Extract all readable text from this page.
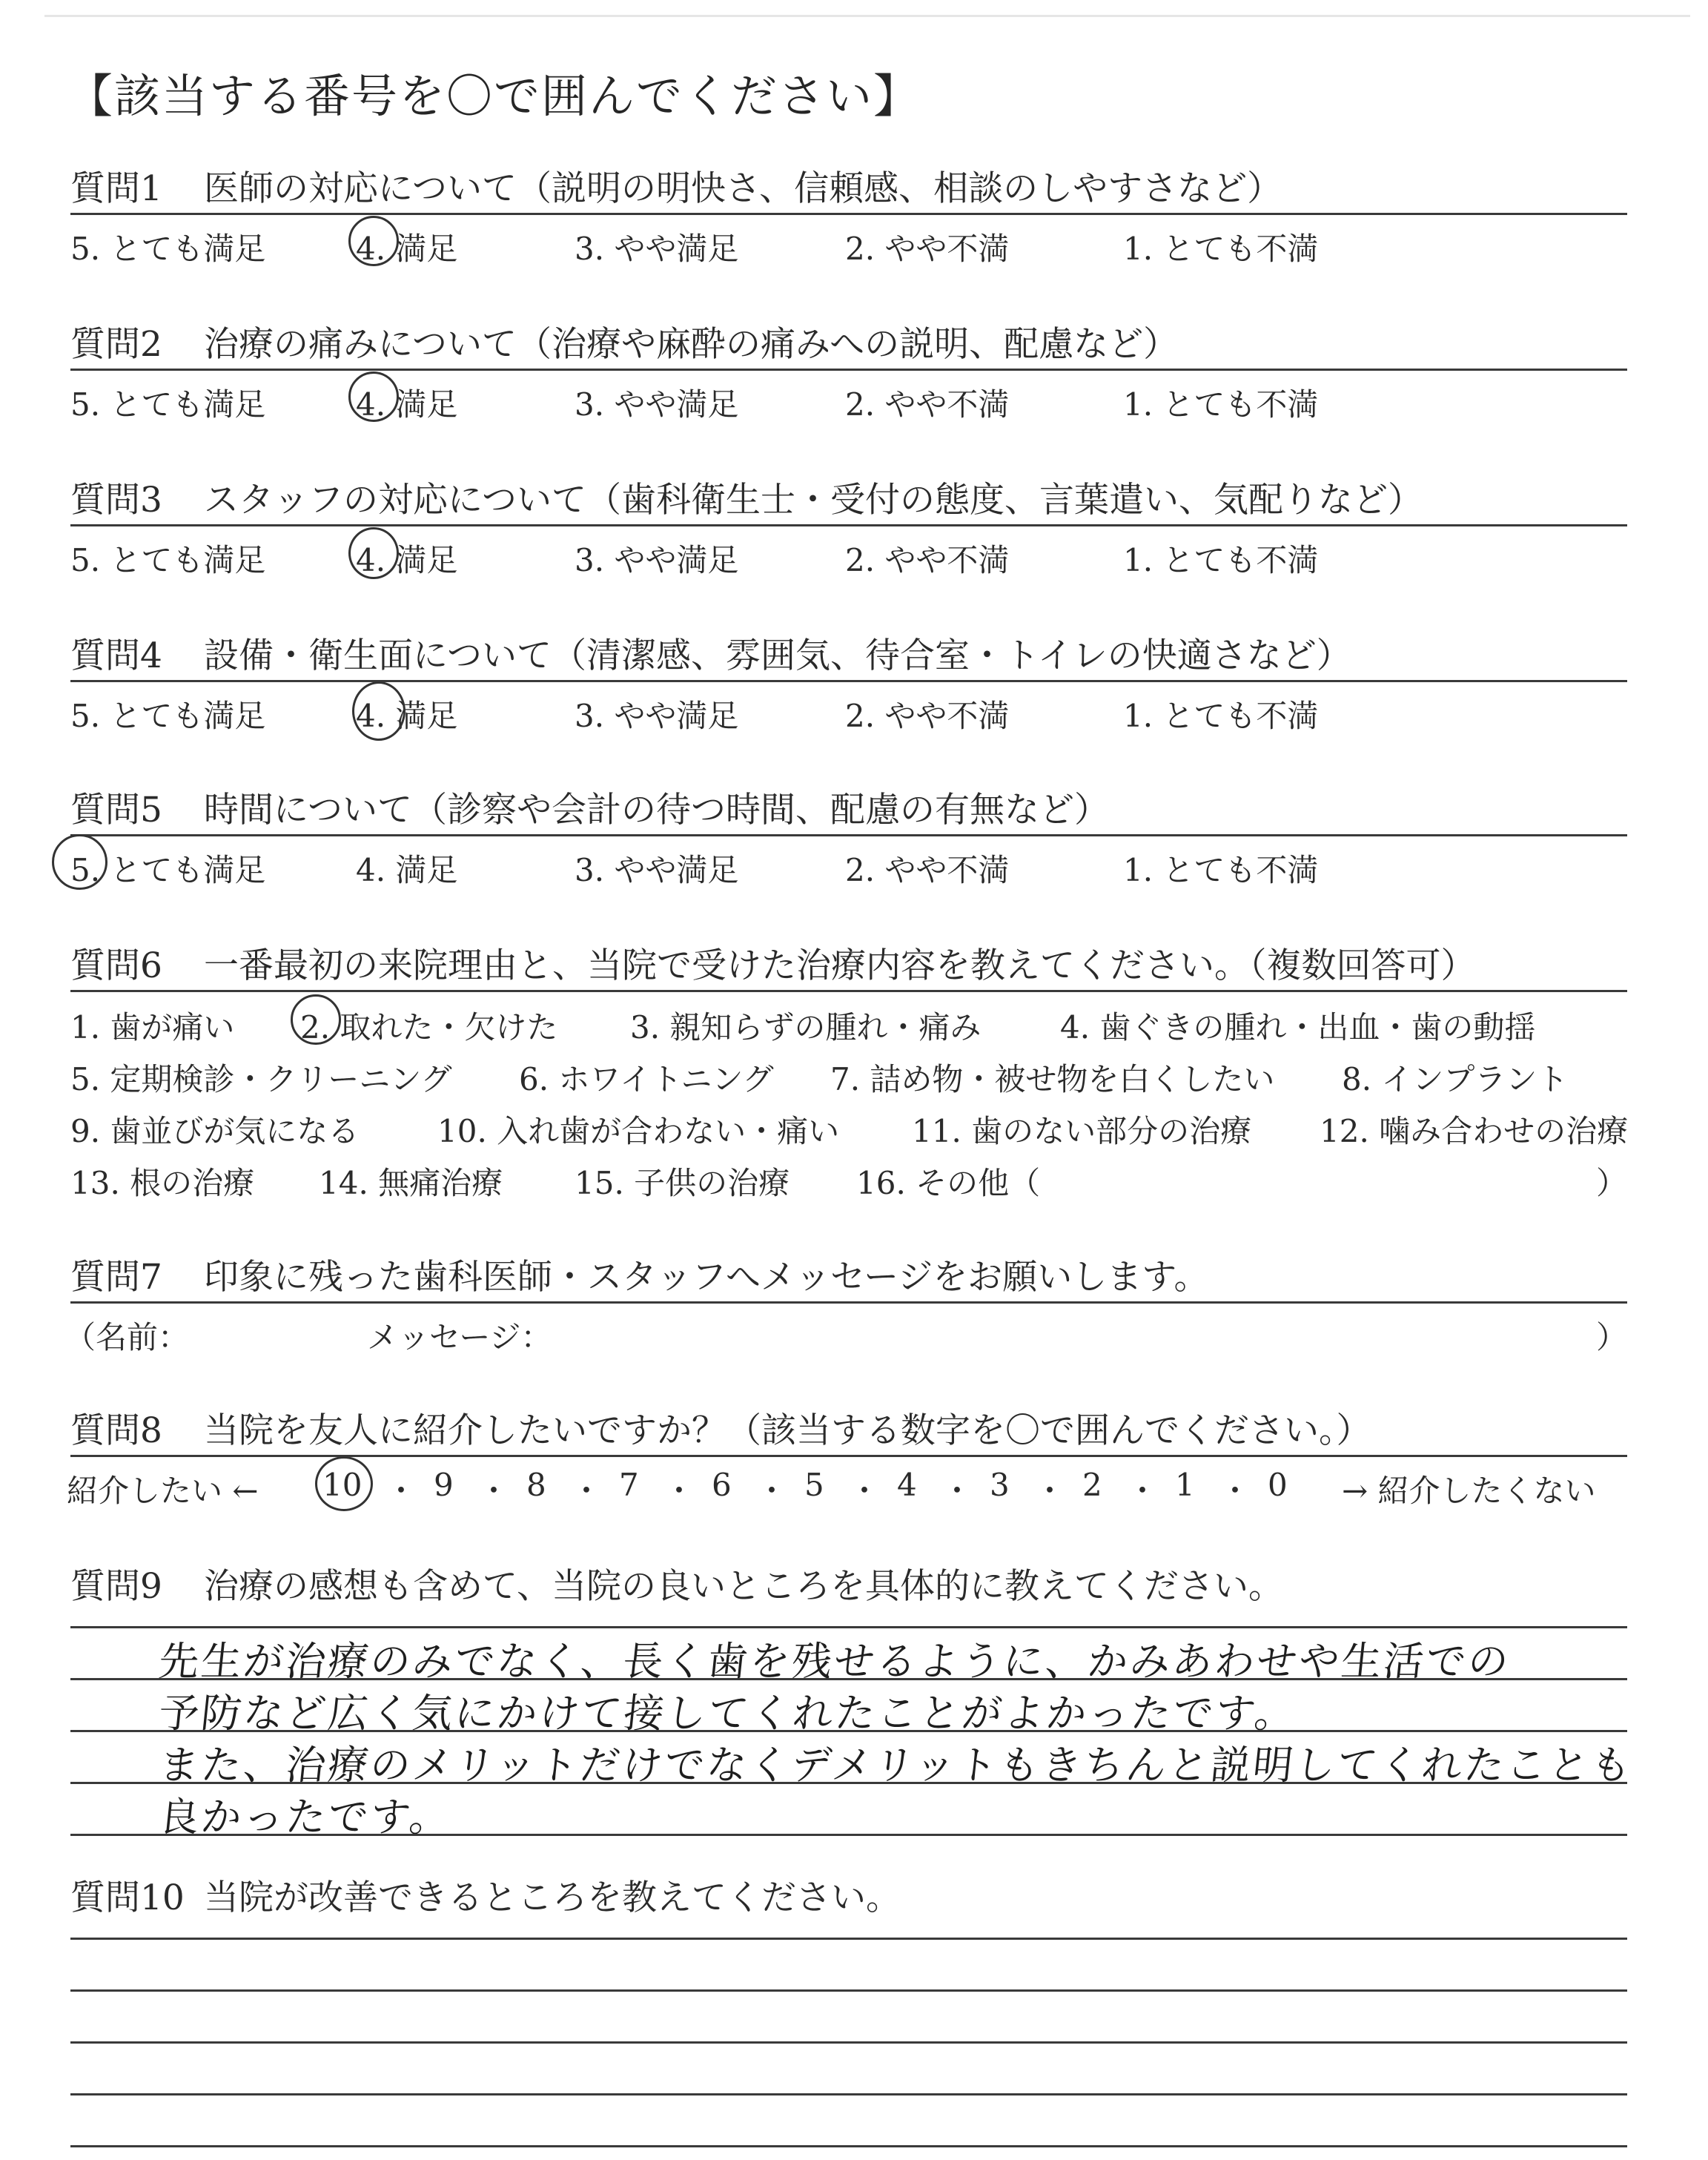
【該当する番号を〇で囲んでください】
質問1 医師の対応について（説明の明快さ、信頼感、相談のしやすさなど）
5. とても満足	4. 満足	3. やや満足	2. やや不満	1. とても不満
質問2 治療の痛みについて（治療や麻酔の痛みへの説明、配慮など）
5. とても満足	4. 満足	3. やや満足	2. やや不満	1. とても不満
質問3 スタッフの対応について（歯科衛生士・受付の態度、言葉遣い、気配りなど）
5. とても満足	4. 満足	3. やや満足	2. やや不満	1. とても不満
質問4 設備・衛生面について（清潔感、雰囲気、待合室・トイレの快適さなど）
5. とても満足	4. 満足	3. やや満足	2. やや不満	1. とても不満
質問5 時間について（診察や会計の待つ時間、配慮の有無など）
5. とても満足	4. 満足	3. やや満足	2. やや不満	1. とても不満
質問6 一番最初の来院理由と、当院で受けた治療内容を教えてください。（複数回答可）
1. 歯が痛い 2. 取れた・欠けた 3. 親知らずの腫れ・痛み	4. 歯ぐきの腫れ・出血・歯の動揺
5. 定期検診・クリーニング 6. ホワイトニング 7. 詰め物・被せ物を白くしたい 8. インプラント
9. 歯並びが気になる	10. 入れ歯が合わない・痛い 11. 歯のない部分の治療 12. 噛み合わせの治療
13. 根の治療 14. 無痛治療 15. 子供の治療 16. その他（	）
質問7 印象に残った歯科医師・スタッフへメッセージをお願いします。
（名前：	メッセージ：	）
質問8 当院を友人に紹介したいですか？（該当する数字を〇で囲んでください。）
紹介したい ← 10 ・ 9 ・ 8 ・ 7 ・ 6 ・ 5 ・ 4 ・ 3 ・ 2 ・ 1 ・ 0 → 紹介したくない
質問9 治療の感想も含めて、当院の良いところを具体的に教えてください。
先生が治療のみでなく、長く歯を残せるように、かみあわせや生活での
予防など広く気にかけて接してくれたことがよかったです。
また、治療のメリットだけでなくデメリットもきちんと説明してくれたことも
良かったです。
質問10 当院が改善できるところを教えてください。
